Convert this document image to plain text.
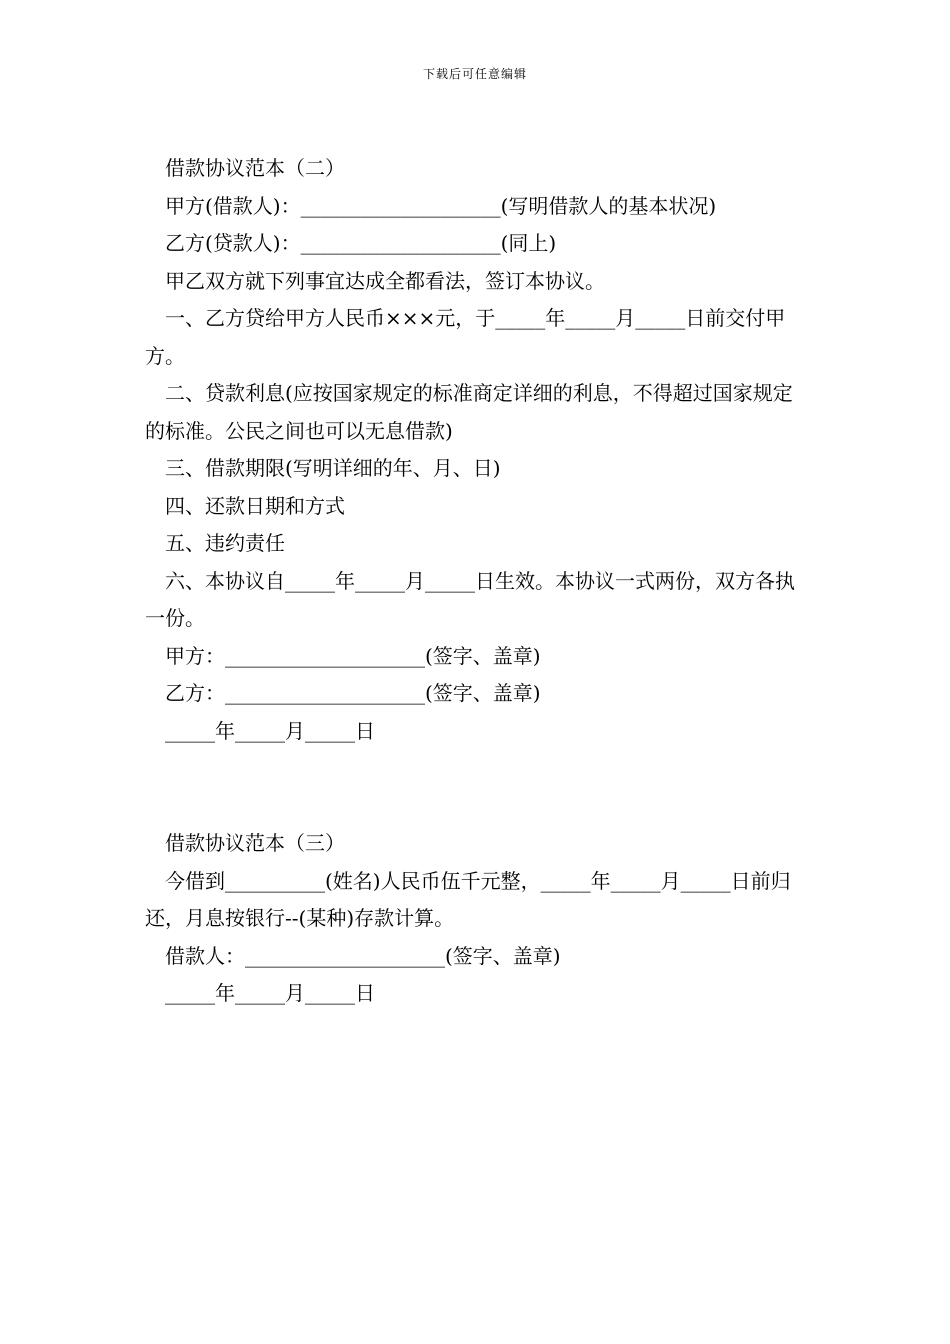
下载后可任意编辑

借款协议范本（二）

甲方(借款人)：____________________(写明借款人的基本状况)

乙方(贷款人)：____________________(同上)

甲乙双方就下列事宜达成全都看法，签订本协议。

一、乙方贷给甲方人民币×××元，于_____年_____月_____日前交付甲方。

二、贷款利息(应按国家规定的标准商定详细的利息，不得超过国家规定的标准。公民之间也可以无息借款)

三、借款期限(写明详细的年、月、日)

四、还款日期和方式

五、违约责任

六、本协议自_____年_____月_____日生效。本协议一式两份，双方各执一份。

甲方：____________________(签字、盖章)

乙方：____________________(签字、盖章)

_____年_____月_____日

借款协议范本（三）

今借到__________(姓名)人民币伍千元整，_____年_____月_____日前归还，月息按银行--(某种)存款计算。

借款人：____________________(签字、盖章)

_____年_____月_____日
